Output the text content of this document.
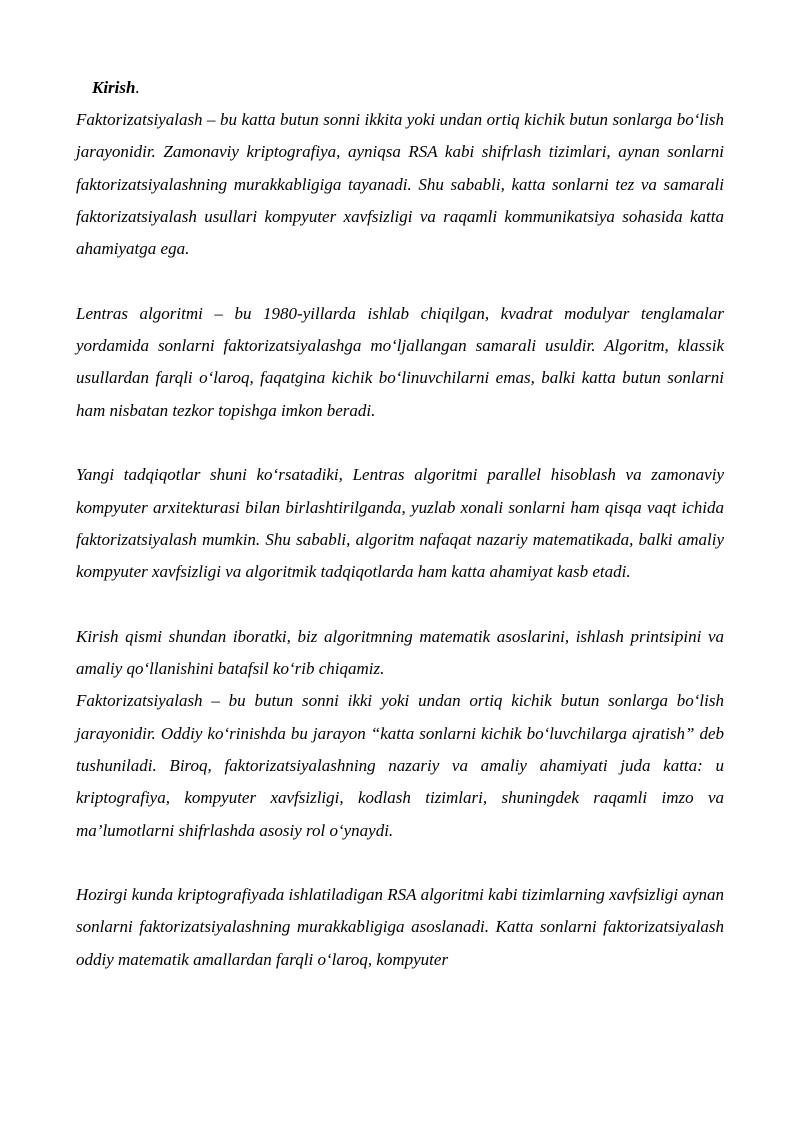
Kirish.

Faktorizatsiyalash – bu katta butun sonni ikkita yoki undan ortiq kichik butun sonlarga bo‘lish jarayonidir. Zamonaviy kriptografiya, ayniqsa RSA kabi shifrlash tizimlari, aynan sonlarni faktorizatsiyalashning murakkabligiga tayanadi. Shu sababli, katta sonlarni tez va samarali faktorizatsiyalash usullari kompyuter xavfsizligi va raqamli kommunikatsiya sohasida katta ahamiyatga ega.

Lentras algoritmi – bu 1980-yillarda ishlab chiqilgan, kvadrat modulyar tenglamalar yordamida sonlarni faktorizatsiyalashga mo‘ljallangan samarali usuldir. Algoritm, klassik usullardan farqli o‘laroq, faqatgina kichik bo‘linuvchilarni emas, balki katta butun sonlarni ham nisbatan tezkor topishga imkon beradi.

Yangi tadqiqotlar shuni ko‘rsatadiki, Lentras algoritmi parallel hisoblash va zamonaviy kompyuter arxitekturasi bilan birlashtirilganda, yuzlab xonali sonlarni ham qisqa vaqt ichida faktorizatsiyalash mumkin. Shu sababli, algoritm nafaqat nazariy matematikada, balki amaliy kompyuter xavfsizligi va algoritmik tadqiqotlarda ham katta ahamiyat kasb etadi.

Kirish qismi shundan iboratki, biz algoritmning matematik asoslarini, ishlash printsipini va amaliy qo‘llanishini batafsil ko‘rib chiqamiz.

Faktorizatsiyalash – bu butun sonni ikki yoki undan ortiq kichik butun sonlarga bo‘lish jarayonidir. Oddiy ko‘rinishda bu jarayon “katta sonlarni kichik bo‘luvchilarga ajratish” deb tushuniladi. Biroq, faktorizatsiyalashning nazariy va amaliy ahamiyati juda katta: u kriptografiya, kompyuter xavfsizligi, kodlash tizimlari, shuningdek raqamli imzo va ma’lumotlarni shifrlashda asosiy rol o‘ynaydi.

Hozirgi kunda kriptografiyada ishlatiladigan RSA algoritmi kabi tizimlarning xavfsizligi aynan sonlarni faktorizatsiyalashning murakkabligiga asoslanadi. Katta sonlarni faktorizatsiyalash oddiy matematik amallardan farqli o‘laroq, kompyuter
